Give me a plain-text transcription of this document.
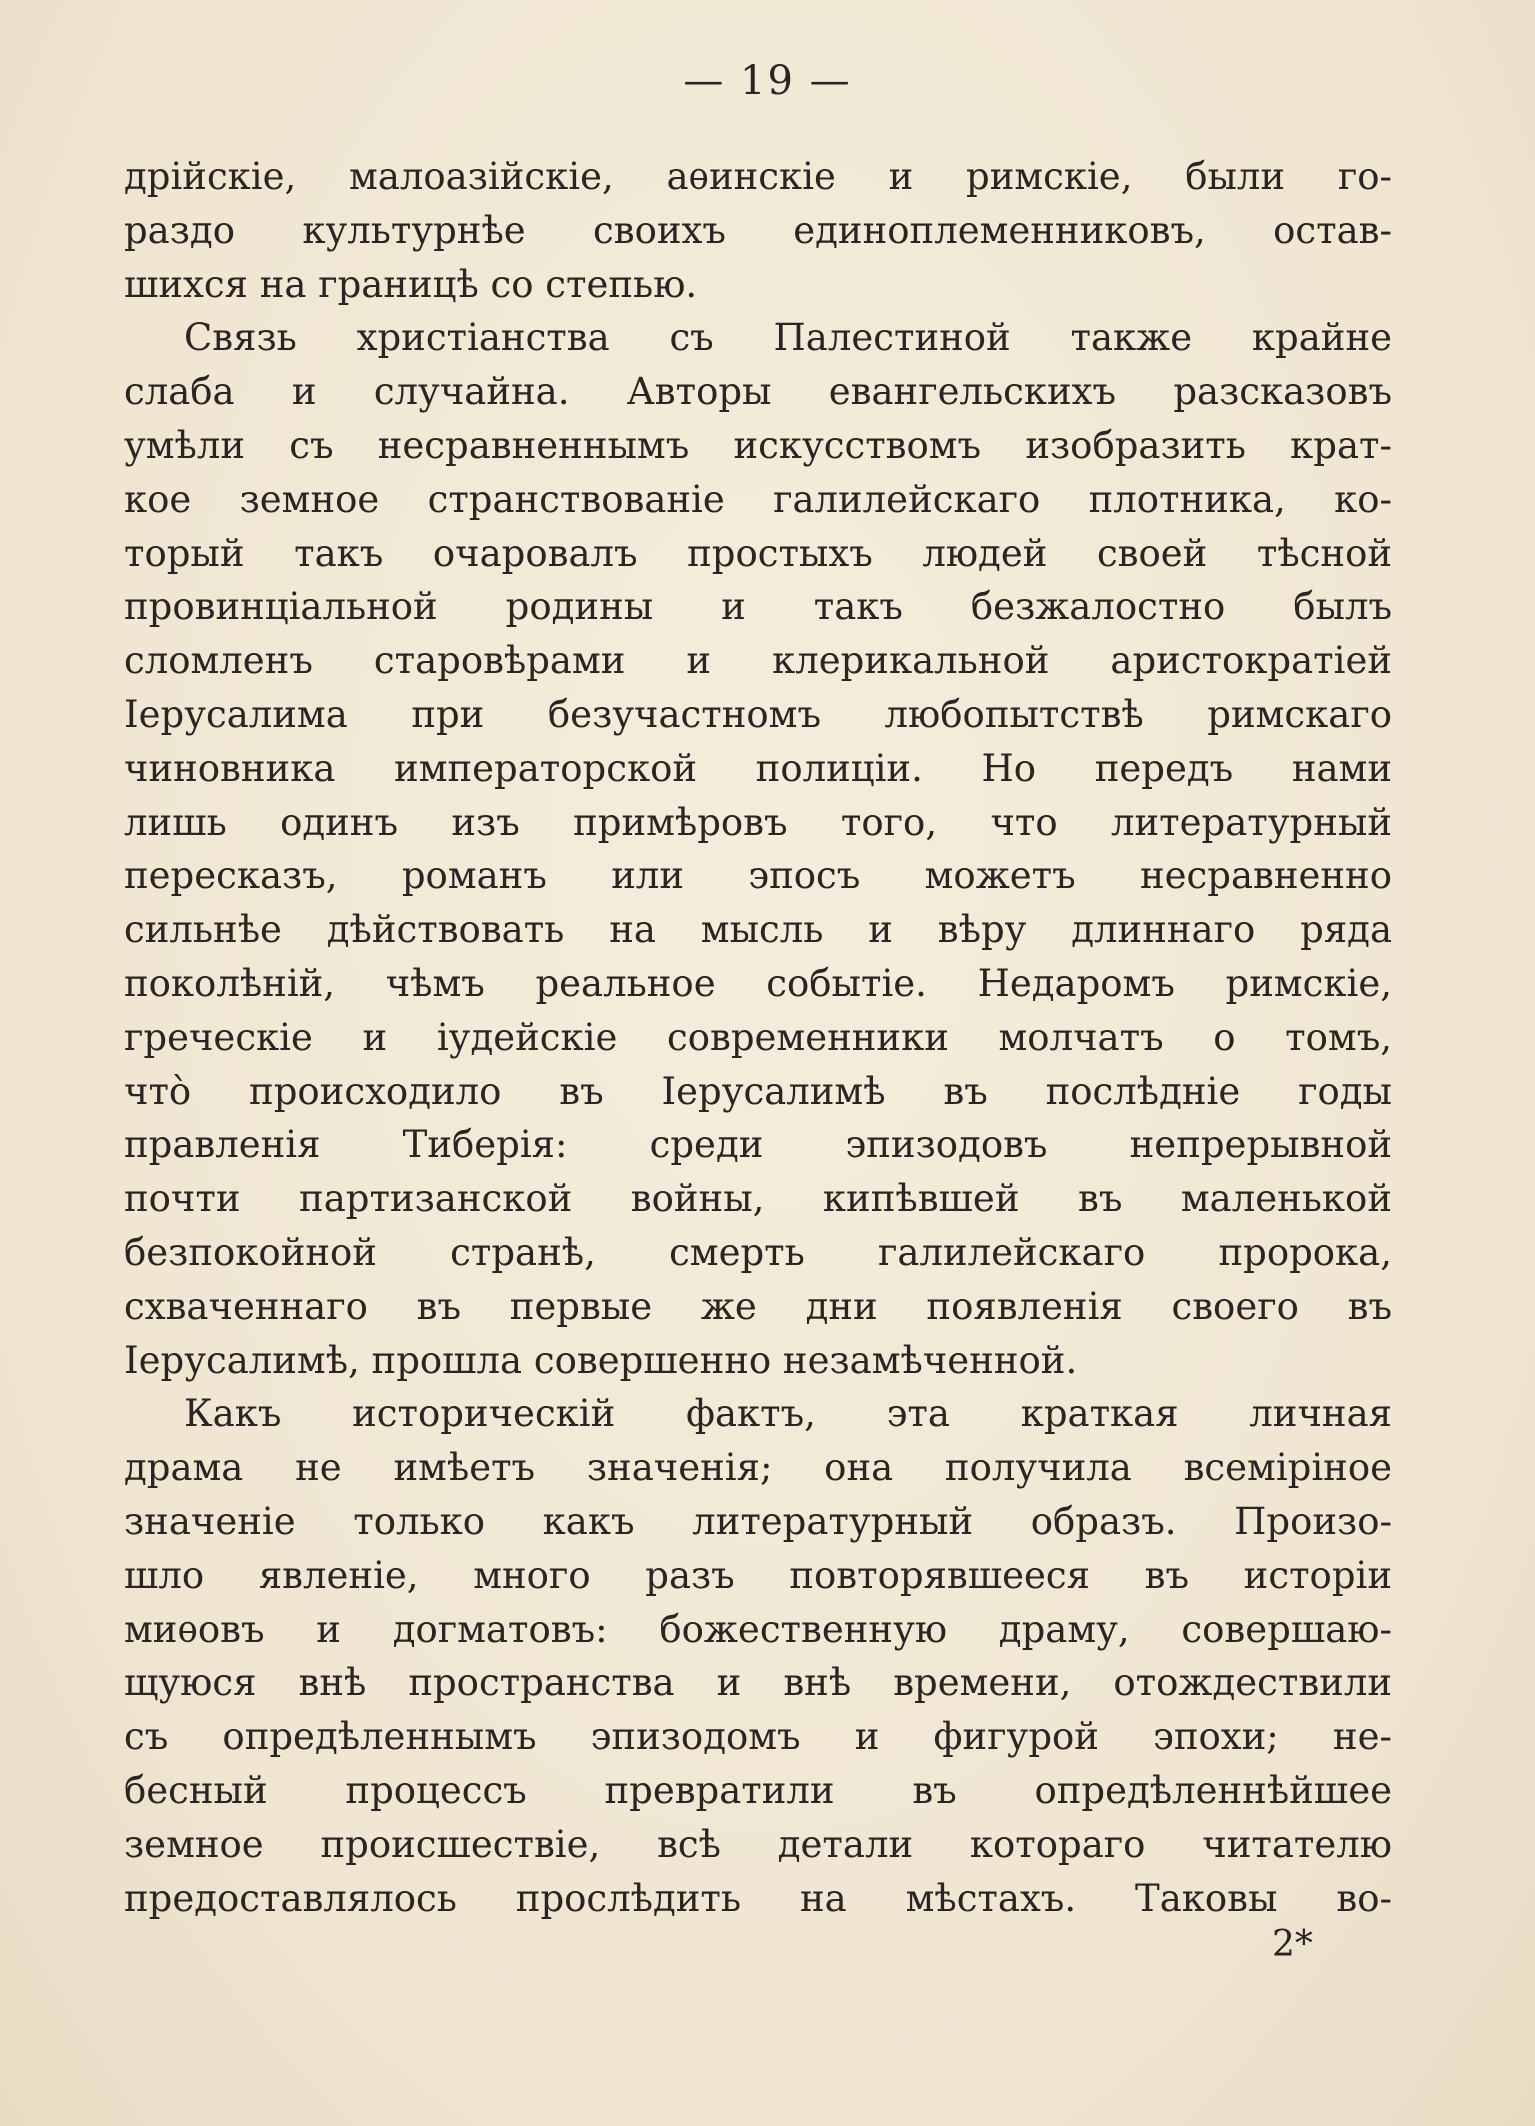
— 19 —
дрійскіе, малоазійскіе, аѳинскіе и римскіе, были го-
раздо культурнѣе своихъ единоплеменниковъ, остав-
шихся на границѣ со степью.
Связь христіанства съ Палестиной также крайне
слаба и случайна. Авторы евангельскихъ разсказовъ
умѣли съ несравненнымъ искусствомъ изобразить крат-
кое земное странствованіе галилейскаго плотника, ко-
торый такъ очаровалъ простыхъ людей своей тѣсной
провинціальной родины и такъ безжалостно былъ
сломленъ старовѣрами и клерикальной аристократіей
Іерусалима при безучастномъ любопытствѣ римскаго
чиновника императорской полиціи. Но передъ нами
лишь одинъ изъ примѣровъ того, что литературный
пересказъ, романъ или эпосъ можетъ несравненно
сильнѣе дѣйствовать на мысль и вѣру длиннаго ряда
поколѣній, чѣмъ реальное событіе. Недаромъ римскіе,
греческіе и іудейскіе современники молчатъ о томъ,
что̀ происходило въ Іерусалимѣ въ послѣдніе годы
правленія Тиберія: среди эпизодовъ непрерывной
почти партизанской войны, кипѣвшей въ маленькой
безпокойной странѣ, смерть галилейскаго пророка,
схваченнаго въ первые же дни появленія своего въ
Іерусалимѣ, прошла совершенно незамѣченной.
Какъ историческій фактъ, эта краткая личная
драма не имѣетъ значенія; она получила всеміріное
значеніе только какъ литературный образъ. Произо-
шло явленіе, много разъ повторявшееся въ исторіи
миѳовъ и догматовъ: божественную драму, совершаю-
щуюся внѣ пространства и внѣ времени, отождествили
съ опредѣленнымъ эпизодомъ и фигурой эпохи; не-
бесный процессъ превратили въ опредѣленнѣйшее
земное происшествіе, всѣ детали котораго читателю
предоставлялось прослѣдить на мѣстахъ. Таковы во-
2*
